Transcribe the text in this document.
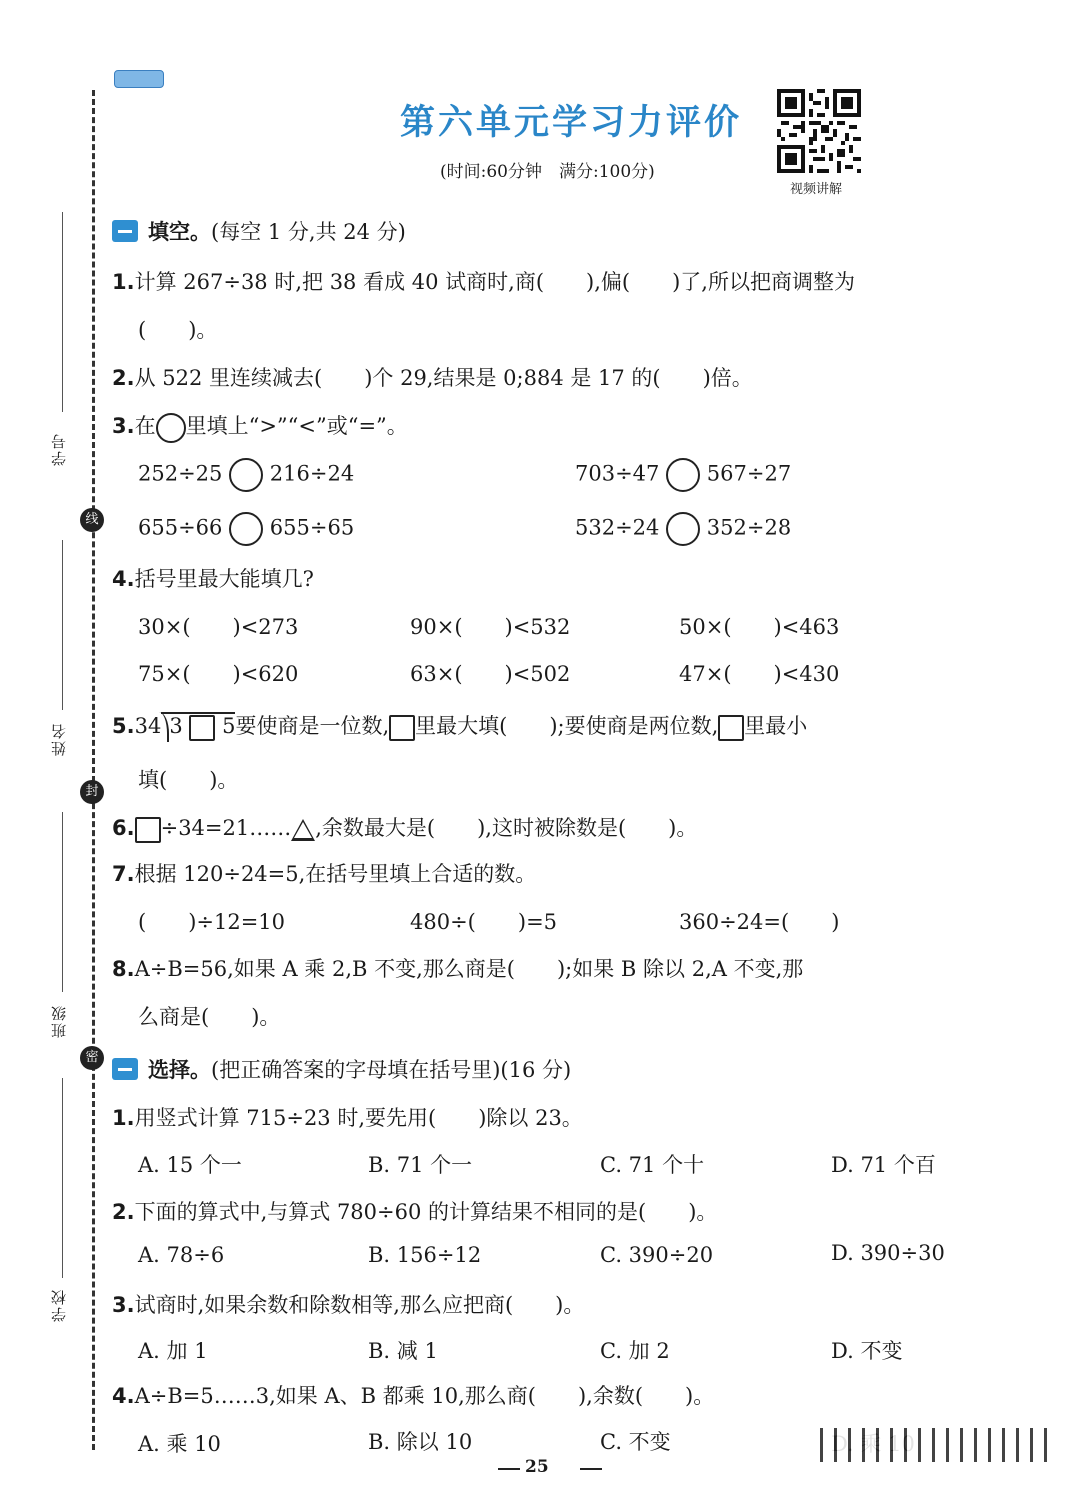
学号
线
姓名
封
班级
密
学校
第六单元学习力评价
(时间:60分钟　满分:100分)
视频讲解
填空。(每空 1 分,共 24 分)
1.计算 267÷38 时,把 38 看成 40 试商时,商(　　),偏(　　)了,所以把商调整为
(　　)。
2.从 522 里连续减去(　　)个 29,结果是 0;884 是 17 的(　　)倍。
3.在 里填上“>”“<”或“=”。
252÷25 216÷24	703÷47 567÷27
655÷66 655÷65	532÷24 352÷28
4.括号里最大能填几?
30×(　　)<273	90×(　　)<532	50×(　　)<463
75×(　　)<620	63×(　　)<502	47×(　　)<430
5.34 3 5要使商是一位数, 里最大填(　　);要使商是两位数, 里最小
填(　　)。
6. ÷34=21…… ,余数最大是(　　),这时被除数是(　　)。
7.根据 120÷24=5,在括号里填上合适的数。
(　　)÷12=10	480÷(　　)=5	360÷24=(　　)
8.A÷B=56,如果 A 乘 2,B 不变,那么商是(　　);如果 B 除以 2,A 不变,那
么商是(　　)。
选择。(把正确答案的字母填在括号里)(16 分)
1.用竖式计算 715÷23 时,要先用(　　)除以 23。
A. 15 个一	B. 71 个一	C. 71 个十	D. 71 个百
2.下面的算式中,与算式 780÷60 的计算结果不相同的是(　　)。
A. 78÷6	B. 156÷12	C. 390÷20	D. 390÷30
3.试商时,如果余数和除数相等,那么应把商(　　)。
A. 加 1	B. 减 1	C. 加 2	D. 不变
4.A÷B=5……3,如果 A、B 都乘 10,那么商(　　),余数(　　)。
A. 乘 10	B. 除以 10	C. 不变
25
